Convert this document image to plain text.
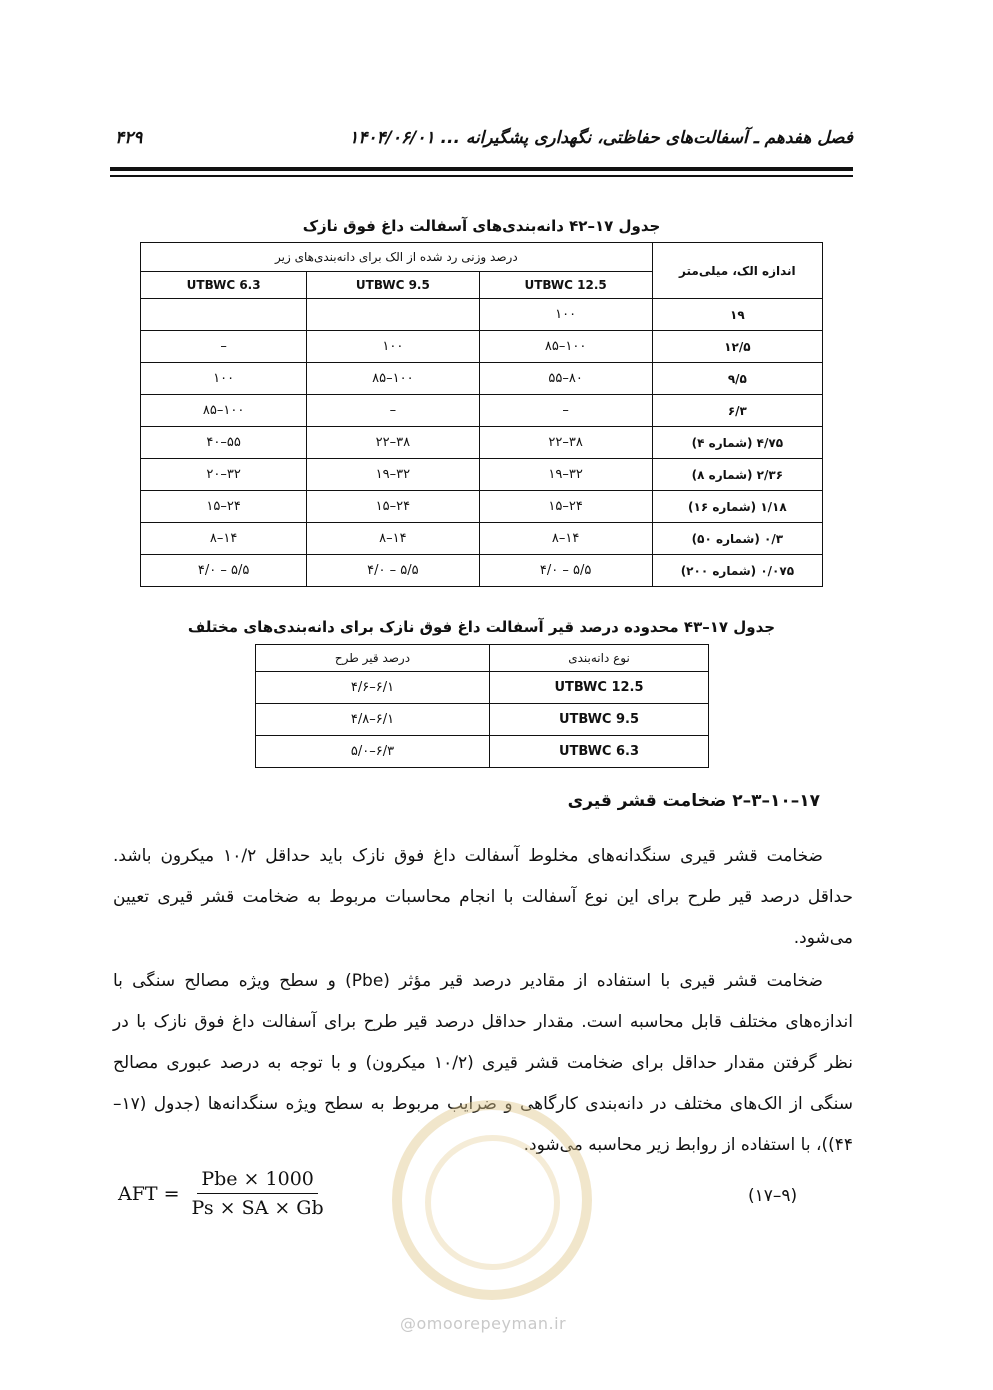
فصل هفدهم ـ آسفالت‌های حفاظتی، نگهداری پشگیرانه ... ۱۴۰۴/۰۶/۰۱
۴۲۹
جدول ۱۷–۴۲ دانه‌بندی‌های آسفالت داغ فوق نازک
درصد وزنی رد شده از الک برای دانه‌بندی‌های زیر			اندازه الک، میلی‌متر
UTBWC 6.3	UTBWC 9.5	UTBWC 12.5	
		۱۰۰	۱۹
–	۱۰۰	۸۵–۱۰۰	۱۲/۵
۱۰۰	۸۵–۱۰۰	۵۵–۸۰	۹/۵
۸۵–۱۰۰	–	–	۶/۳
۴۰–۵۵	۲۲–۳۸	۲۲–۳۸	۴/۷۵ (شماره ۴)
۲۰–۳۲	۱۹–۳۲	۱۹–۳۲	۲/۳۶ (شماره ۸)
۱۵–۲۴	۱۵–۲۴	۱۵–۲۴	۱/۱۸ (شماره ۱۶)
۸–۱۴	۸–۱۴	۸–۱۴	۰/۳ (شماره ۵۰)
۴/۰ – ۵/۵	۴/۰ – ۵/۵	۴/۰ – ۵/۵	۰/۰۷۵ (شماره ۲۰۰)
جدول ۱۷–۴۳ محدوده درصد قیر آسفالت داغ فوق نازک برای دانه‌بندی‌های مختلف
درصد قیر طرح	نوع دانه‌بندی
۴/۶–۶/۱	UTBWC 12.5
۴/۸–۶/۱	UTBWC 9.5
۵/۰–۶/۳	UTBWC 6.3
۱۷–۱۰–۳–۲ ضخامت قشر قیری
ضخامت قشر قیری سنگدانه‌های مخلوط آسفالت داغ فوق نازک باید حداقل ۱۰/۲ میکرون باشد. حداقل درصد قیر طرح برای این نوع آسفالت با انجام محاسبات مربوط به ضخامت قشر قیری تعیین می‌شود.
ضخامت قشر قیری با استفاده از مقادیر درصد قیر مؤثر (Pbe) و سطح ویژه مصالح سنگی با اندازه‌های مختلف قابل محاسبه است. مقدار حداقل درصد قیر طرح برای آسفالت داغ فوق نازک با در نظر گرفتن مقدار حداقل برای ضخامت قشر قیری (۱۰/۲ میکرون) و با توجه به درصد عبوری مصالح سنگی از الک‌های مختلف در دانه‌بندی کارگاهی و ضرایب مربوط به سطح ویژه سنگدانه‌ها (جدول (۱۷–۴۴))، با استفاده از روابط زیر محاسبه می‌شود.
AFT = $\frac{\text{Pbe × 1000}}{Ps \times SA \times Gb}$	(۱۷–۹)
@omoorepeyman.ir
